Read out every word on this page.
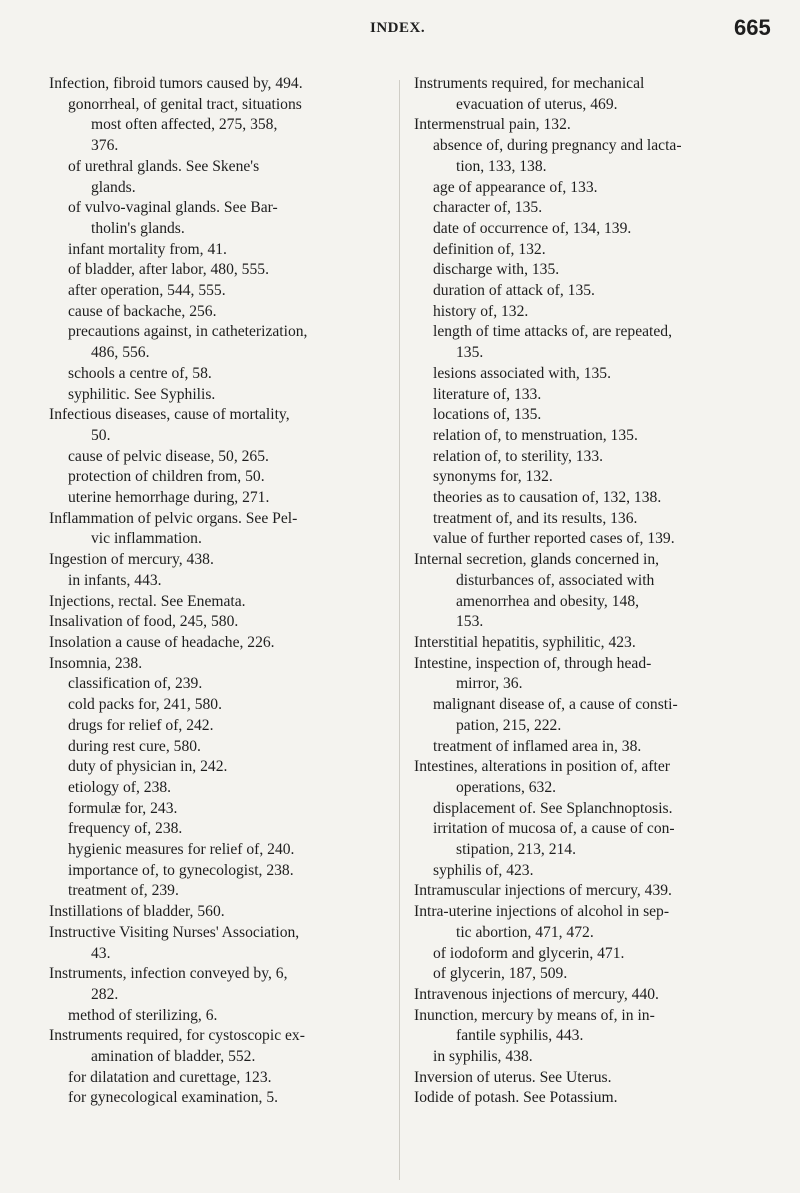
INDEX.	665
Infection, fibroid tumors caused by, 494.
gonorrheal, of genital tract, situations
most often affected, 275, 358,
376.
of urethral glands. See Skene's
glands.
of vulvo-vaginal glands. See Bar-
tholin's glands.
infant mortality from, 41.
of bladder, after labor, 480, 555.
after operation, 544, 555.
cause of backache, 256.
precautions against, in catheterization,
486, 556.
schools a centre of, 58.
syphilitic. See Syphilis.
Infectious diseases, cause of mortality,
50.
cause of pelvic disease, 50, 265.
protection of children from, 50.
uterine hemorrhage during, 271.
Inflammation of pelvic organs. See Pel-
vic inflammation.
Ingestion of mercury, 438.
in infants, 443.
Injections, rectal. See Enemata.
Insalivation of food, 245, 580.
Insolation a cause of headache, 226.
Insomnia, 238.
classification of, 239.
cold packs for, 241, 580.
drugs for relief of, 242.
during rest cure, 580.
duty of physician in, 242.
etiology of, 238.
formulæ for, 243.
frequency of, 238.
hygienic measures for relief of, 240.
importance of, to gynecologist, 238.
treatment of, 239.
Instillations of bladder, 560.
Instructive Visiting Nurses' Association,
43.
Instruments, infection conveyed by, 6,
282.
method of sterilizing, 6.
Instruments required, for cystoscopic ex-
amination of bladder, 552.
for dilatation and curettage, 123.
for gynecological examination, 5.
Instruments required, for mechanical
evacuation of uterus, 469.
Intermenstrual pain, 132.
absence of, during pregnancy and lacta-
tion, 133, 138.
age of appearance of, 133.
character of, 135.
date of occurrence of, 134, 139.
definition of, 132.
discharge with, 135.
duration of attack of, 135.
history of, 132.
length of time attacks of, are repeated,
135.
lesions associated with, 135.
literature of, 133.
locations of, 135.
relation of, to menstruation, 135.
relation of, to sterility, 133.
synonyms for, 132.
theories as to causation of, 132, 138.
treatment of, and its results, 136.
value of further reported cases of, 139.
Internal secretion, glands concerned in,
disturbances of, associated with
amenorrhea and obesity, 148,
153.
Interstitial hepatitis, syphilitic, 423.
Intestine, inspection of, through head-
mirror, 36.
malignant disease of, a cause of consti-
pation, 215, 222.
treatment of inflamed area in, 38.
Intestines, alterations in position of, after
operations, 632.
displacement of. See Splanchnoptosis.
irritation of mucosa of, a cause of con-
stipation, 213, 214.
syphilis of, 423.
Intramuscular injections of mercury, 439.
Intra-uterine injections of alcohol in sep-
tic abortion, 471, 472.
of iodoform and glycerin, 471.
of glycerin, 187, 509.
Intravenous injections of mercury, 440.
Inunction, mercury by means of, in in-
fantile syphilis, 443.
in syphilis, 438.
Inversion of uterus. See Uterus.
Iodide of potash. See Potassium.
